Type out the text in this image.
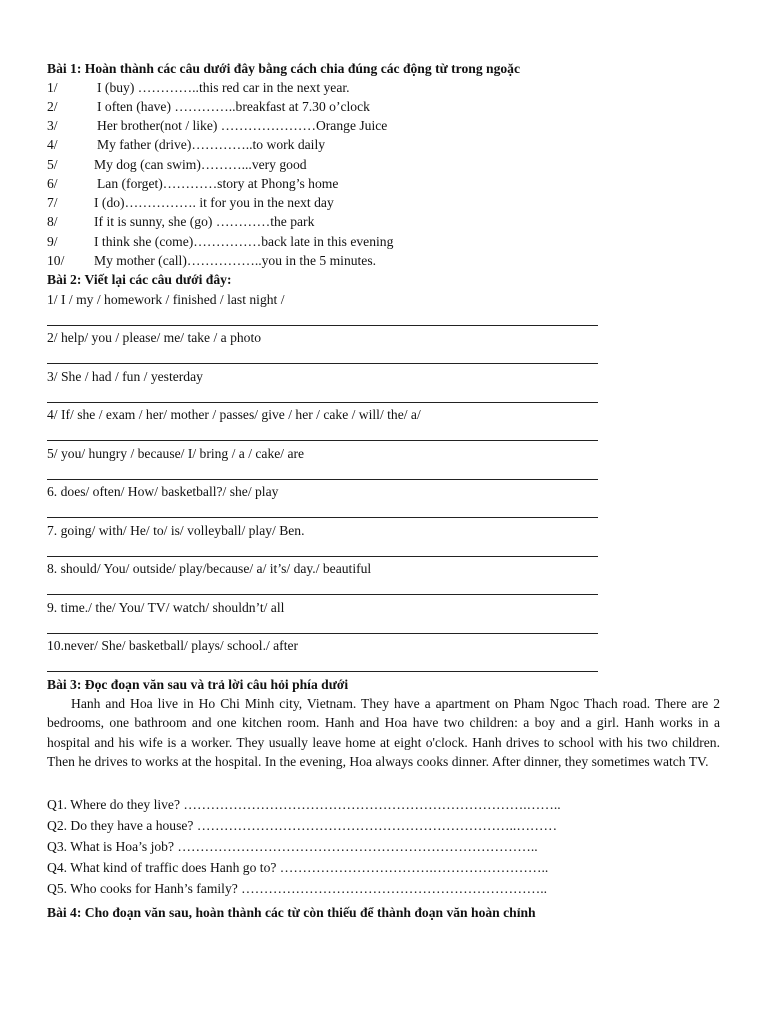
Bài 1: Hoàn thành các câu dưới đây bằng cách chia đúng các động từ trong ngoặc
1/	I (buy) …………..this red car in the next year.
2/	I often (have) …………..breakfast at 7.30 o’clock
3/	Her brother(not / like) …………………Orange Juice
4/	My father (drive)…………..to work daily
5/	My dog (can swim)………...very good
6/	Lan (forget)…………story at Phong’s home
7/	I (do)……………. it for you in the next day
8/	If it is sunny, she (go) …………the park
9/	I think she (come)……………back late in this evening
10/ My mother (call)……………..you in the 5 minutes.
Bài 2: Viết lại các câu dưới đây:
1/ I / my / homework / finished / last night /
2/ help/ you / please/ me/ take / a photo
3/ She / had / fun / yesterday
4/ If/ she / exam / her/ mother / passes/ give / her / cake / will/ the/ a/
5/ you/ hungry / because/ I/ bring / a / cake/ are
6. does/ often/ How/ basketball?/ she/ play
7. going/ with/ He/ to/ is/ volleyball/ play/ Ben.
8. should/ You/ outside/ play/because/ a/ it’s/ day./ beautiful
9. time./ the/ You/ TV/ watch/ shouldn’t/ all
10.never/ She/ basketball/ plays/ school./ after
Bài 3: Đọc đoạn văn sau và trả lời câu hỏi phía dưới
Hanh and Hoa live in Ho Chi Minh city, Vietnam. They have a apartment on Pham Ngoc Thach road. There are 2 bedrooms, one bathroom and one kitchen room. Hanh and Hoa have two children: a boy and a girl. Hanh works in a hospital and his wife is a worker. They usually leave home at eight o'clock. Hanh drives to school with his two children. Then he drives to works at the hospital. In the evening, Hoa always cooks dinner. After dinner, they sometimes watch TV.
Q1. Where do they live? ………………………………………………………………….……..
Q2. Do they have a house? ……………………………………………………………..………
Q3. What is Hoa’s job? ……………………………………………………………………..
Q4. What kind of traffic does Hanh go to? …………………………….……………………..
Q5. Who cooks for Hanh’s family? …………………………………………………………..
Bài 4: Cho đoạn văn sau, hoàn thành các từ còn thiếu để thành đoạn văn hoàn chỉnh
